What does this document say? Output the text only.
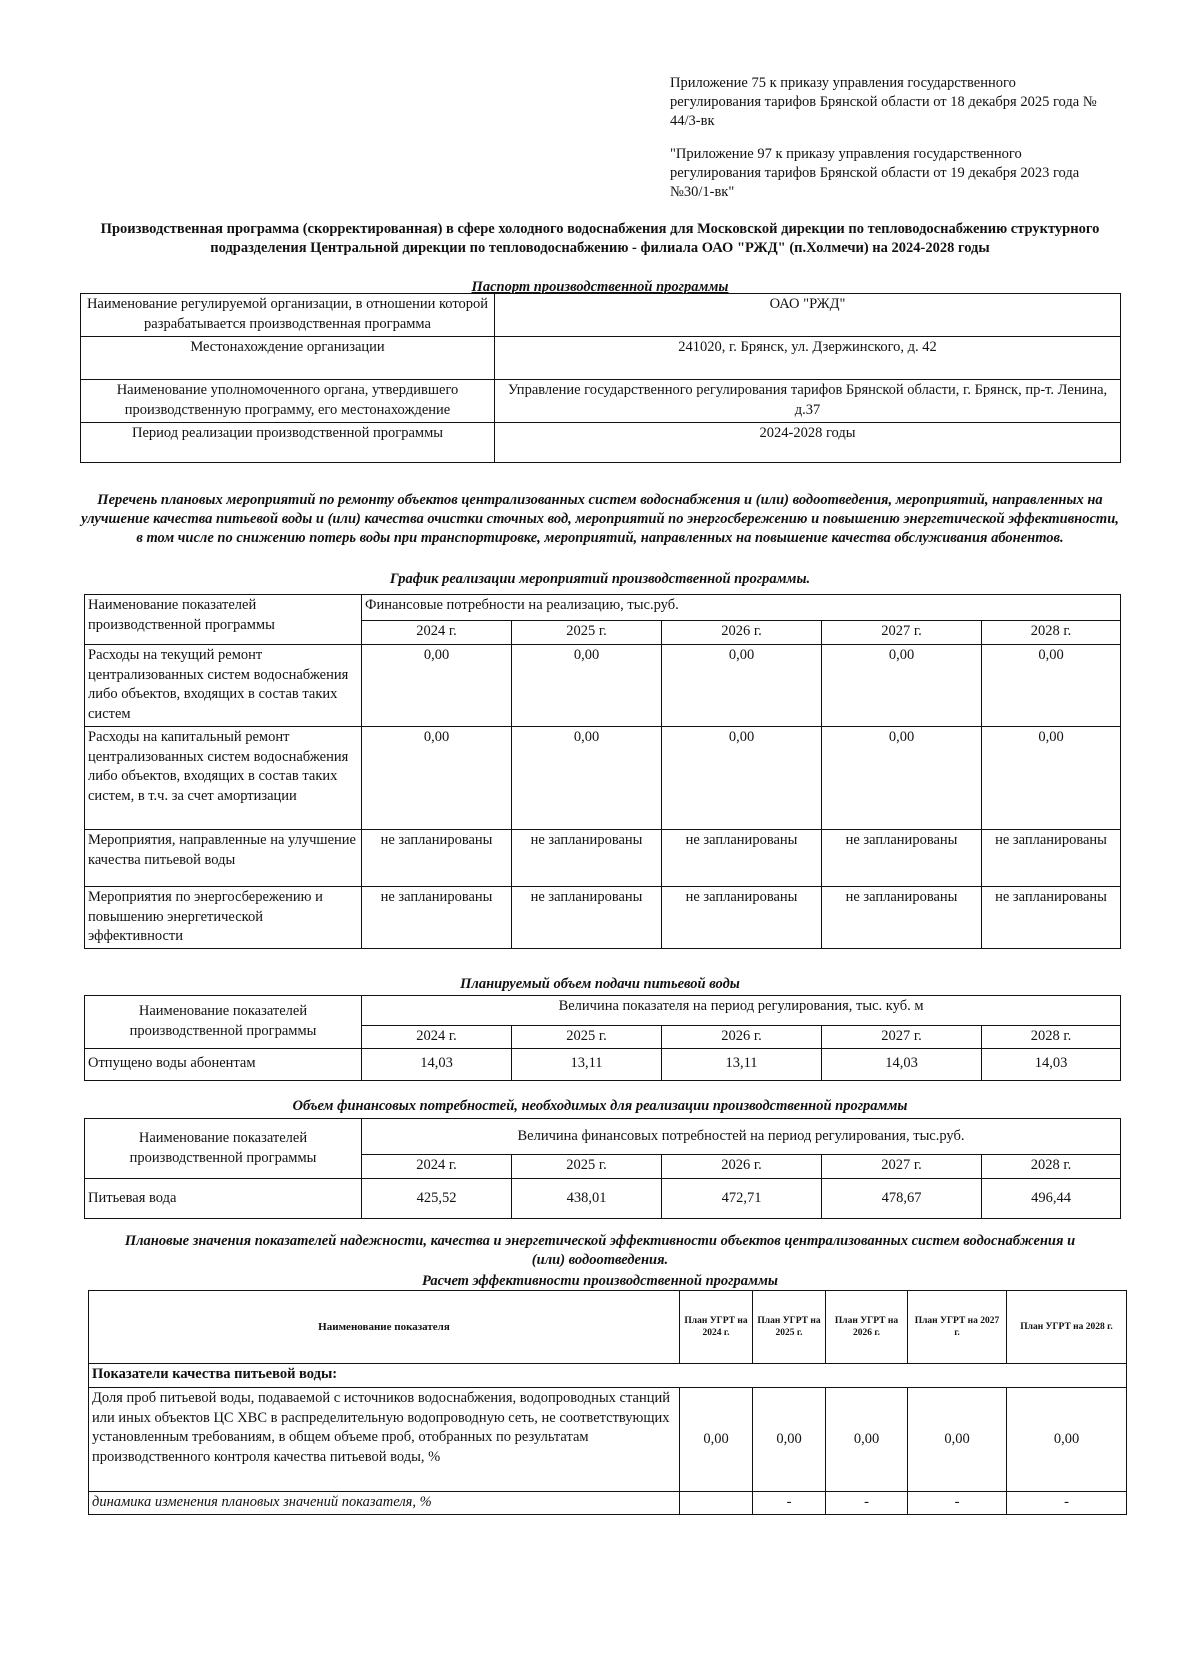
Приложение 75 к приказу управления государственного регулирования тарифов Брянской области от 18 декабря 2025 года № 44/3-вк
"Приложение 97 к приказу управления государственного регулирования тарифов Брянской области от 19 декабря 2023 года №30/1-вк"
Производственная программа (скорректированная) в сфере холодного водоснабжения для Московской дирекции по тепловодоснабжению структурного подразделения Центральной дирекции по тепловодоснабжению - филиала ОАО "РЖД" (п.Холмечи) на 2024-2028 годы
Паспорт производственной программы
Наименование регулируемой организации, в отношении которой разрабатывается производственная программа	ОАО "РЖД"
Местонахождение организации	241020, г. Брянск, ул. Дзержинского, д. 42
Наименование уполномоченного органа, утвердившего производственную программу, его местонахождение	Управление государственного регулирования тарифов Брянской области, г. Брянск, пр-т. Ленина, д.37
Период реализации производственной программы	2024-2028 годы
Перечень плановых мероприятий по ремонту объектов централизованных систем водоснабжения и (или) водоотведения, мероприятий, направленных на улучшение качества питьевой воды и (или) качества очистки сточных вод, мероприятий по энергосбережению и повышению энергетической эффективности, в том числе по снижению потерь воды при транспортировке, мероприятий, направленных на повышение качества обслуживания абонентов.
График реализации мероприятий производственной программы.
Наименование показателей производственной программы	Финансовые потребности на реализацию, тыс.руб.				
	2024 г.	2025 г.	2026 г.	2027 г.	2028 г.
Расходы на текущий ремонт централизованных систем водоснабжения либо объектов, входящих в состав таких систем	0,00	0,00	0,00	0,00	0,00
Расходы на капитальный ремонт централизованных систем водоснабжения либо объектов, входящих в состав таких систем, в т.ч. за счет амортизации	0,00	0,00	0,00	0,00	0,00
Мероприятия, направленные на улучшение качества питьевой воды	не запланированы	не запланированы	не запланированы	не запланированы	не запланированы
Мероприятия по энергосбережению и повышению энергетической эффективности	не запланированы	не запланированы	не запланированы	не запланированы	не запланированы
Планируемый объем подачи питьевой воды
Наименование показателей производственной программы	Величина показателя на период регулирования, тыс. куб. м				
	2024 г.	2025 г.	2026 г.	2027 г.	2028 г.
Отпущено воды абонентам	14,03	13,11	13,11	14,03	14,03
Объем финансовых потребностей, необходимых для реализации производственной программы
Наименование показателей производственной программы	Величина финансовых потребностей на период регулирования, тыс.руб.				
	2024 г.	2025 г.	2026 г.	2027 г.	2028 г.
Питьевая вода	425,52	438,01	472,71	478,67	496,44
Плановые значения показателей надежности, качества и энергетической эффективности объектов централизованных систем водоснабжения и (или) водоотведения.
Расчет эффективности производственной программы
Наименование показателя	План УГРТ на 2024 г.	План УГРТ на 2025 г.	План УГРТ на 2026 г.	План УГРТ на 2027 г.	План УГРТ на 2028 г.
Показатели качества питьевой воды:					
Доля проб питьевой воды, подаваемой с источников водоснабжения, водопроводных станций или иных объектов ЦС ХВС в распределительную водопроводную сеть, не соответствующих установленным требованиям, в общем объеме проб, отобранных по результатам производственного контроля качества питьевой воды, %	0,00	0,00	0,00	0,00	0,00
динамика изменения плановых значений показателя, %		-	-	-	-
